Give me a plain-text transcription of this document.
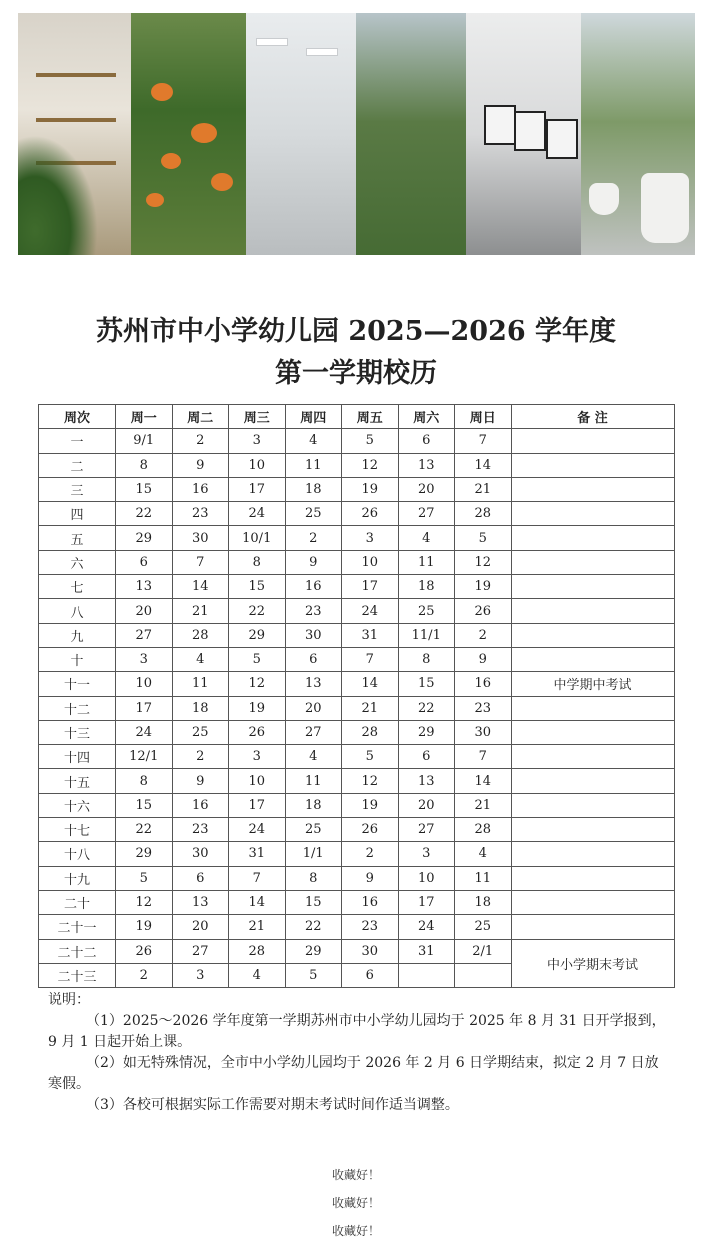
苏州市中小学幼儿园 2025—2026 学年度
第一学期校历
周次	周一	周二	周三	周四	周五	周六	周日	备 注
一	9/1	2	3	4	5	6	7	
二	8	9	10	11	12	13	14	
三	15	16	17	18	19	20	21	
四	22	23	24	25	26	27	28	
五	29	30	10/1	2	3	4	5	
六	6	7	8	9	10	11	12	
七	13	14	15	16	17	18	19	
八	20	21	22	23	24	25	26	
九	27	28	29	30	31	11/1	2	
十	3	4	5	6	7	8	9	
十一	10	11	12	13	14	15	16	中学期中考试
十二	17	18	19	20	21	22	23	
十三	24	25	26	27	28	29	30	
十四	12/1	2	3	4	5	6	7	
十五	8	9	10	11	12	13	14	
十六	15	16	17	18	19	20	21	
十七	22	23	24	25	26	27	28	
十八	29	30	31	1/1	2	3	4	
十九	5	6	7	8	9	10	11	
二十	12	13	14	15	16	17	18	
二十一	19	20	21	22	23	24	25	
二十二	26	27	28	29	30	31	2/1	中小学期末考试
二十三	2	3	4	5	6			

说明：

（1）2025～2026 学年度第一学期苏州市中小学幼儿园均于 2025 年 8 月 31 日开学报到，9 月 1 日起开始上课。

（2）如无特殊情况，全市中小学幼儿园均于 2026 年 2 月 6 日学期结束，拟定 2 月 7 日放寒假。

（3）各校可根据实际工作需要对期末考试时间作适当调整。

收藏好！
收藏好！
收藏好！
